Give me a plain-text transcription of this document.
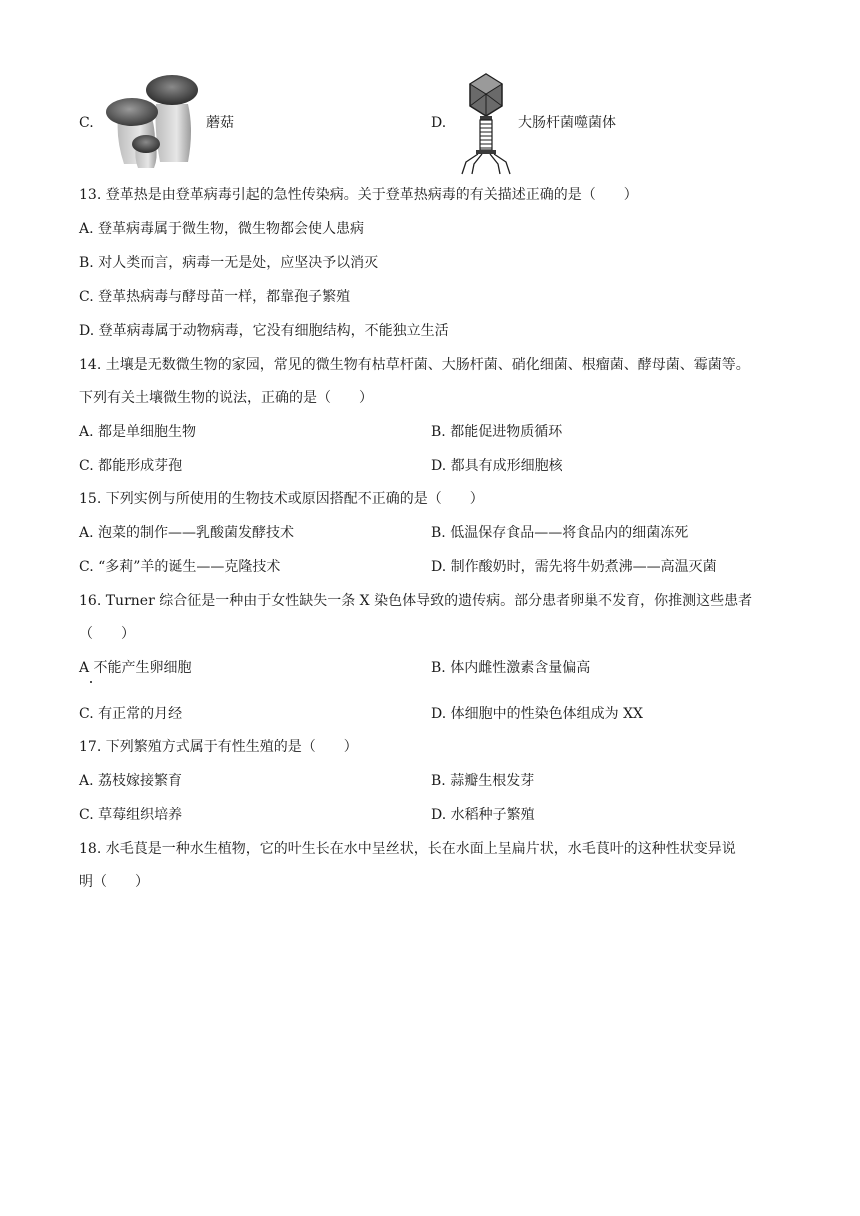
C.	蘑菇	D.	大肠杆菌噬菌体
13. 登革热是由登革病毒引起的急性传染病。关于登革热病毒的有关描述正确的是（　　）
A. 登革病毒属于微生物，微生物都会使人患病
B. 对人类而言，病毒一无是处，应坚决予以消灭
C. 登革热病毒与酵母苗一样，都靠孢子繁殖
D. 登革病毒属于动物病毒，它没有细胞结构，不能独立生活
14. 土壤是无数微生物的家园，常见的微生物有枯草杆菌、大肠杆菌、硝化细菌、根瘤菌、酵母菌、霉菌等。
下列有关土壤微生物的说法，正确的是（　　）
A. 都是单细胞生物	B. 都能促进物质循环
C. 都能形成芽孢	D. 都具有成形细胞核
15. 下列实例与所使用的生物技术或原因搭配不正确的是（　　）
A. 泡菜的制作——乳酸菌发酵技术	B. 低温保存食品——将食品内的细菌冻死
C. “多莉”羊的诞生——克隆技术	D. 制作酸奶时，需先将牛奶煮沸——高温灭菌
16. Turner 综合征是一种由于女性缺失一条 X 染色体导致的遗传病。部分患者卵巢不发育，你推测这些患者
（　　）
A 不能产生卵细胞	B. 体内雌性激素含量偏高
C. 有正常的月经	D. 体细胞中的性染色体组成为 XX
17. 下列繁殖方式属于有性生殖的是（　　）
A. 荔枝嫁接繁育	B. 蒜瓣生根发芽
C. 草莓组织培养	D. 水稻种子繁殖
18. 水毛茛是一种水生植物，它的叶生长在水中呈丝状，长在水面上呈扁片状，水毛茛叶的这种性状变异说
明（　　）
